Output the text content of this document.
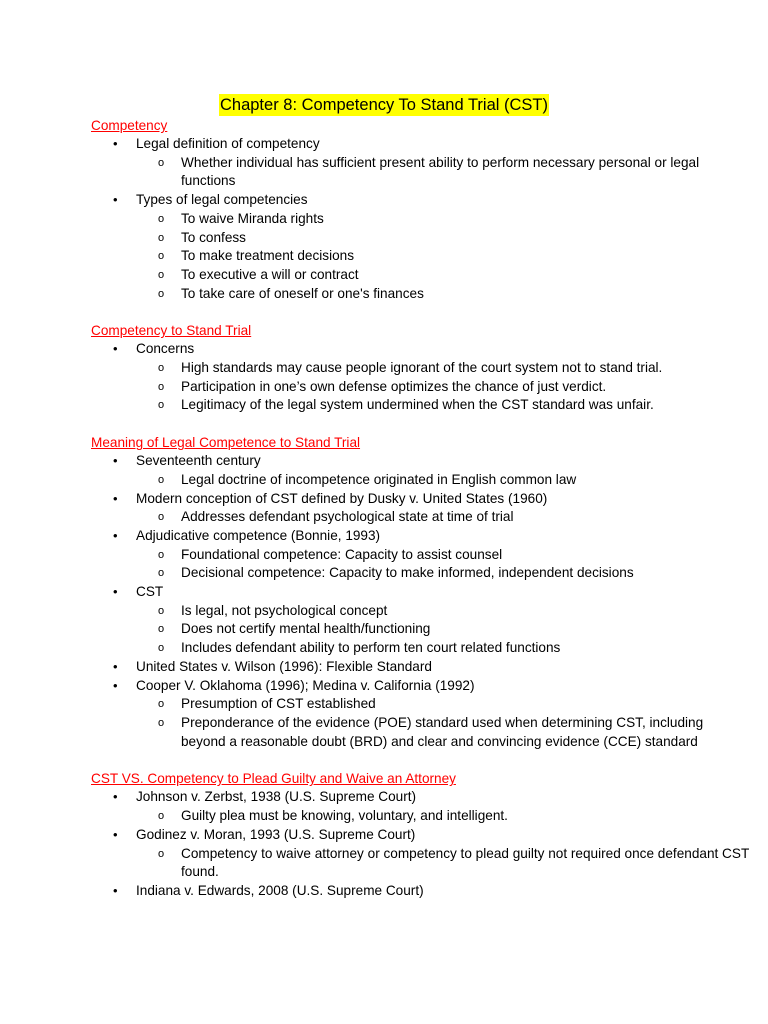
Chapter 8: Competency To Stand Trial (CST)
Competency
• Legal definition of competency
o Whether individual has sufficient present ability to perform necessary personal or legal functions
• Types of legal competencies
o To waive Miranda rights
o To confess
o To make treatment decisions
o To executive a will or contract
o To take care of oneself or one's finances
Competency to Stand Trial
• Concerns
o High standards may cause people ignorant of the court system not to stand trial.
o Participation in one’s own defense optimizes the chance of just verdict.
o Legitimacy of the legal system undermined when the CST standard was unfair.
Meaning of Legal Competence to Stand Trial
• Seventeenth century
o Legal doctrine of incompetence originated in English common law
• Modern conception of CST defined by Dusky v. United States (1960)
o Addresses defendant psychological state at time of trial
• Adjudicative competence (Bonnie, 1993)
o Foundational competence: Capacity to assist counsel
o Decisional competence: Capacity to make informed, independent decisions
• CST
o Is legal, not psychological concept
o Does not certify mental health/functioning
o Includes defendant ability to perform ten court related functions
• United States v. Wilson (1996): Flexible Standard
• Cooper V. Oklahoma (1996); Medina v. California (1992)
o Presumption of CST established
o Preponderance of the evidence (POE) standard used when determining CST, including beyond a reasonable doubt (BRD) and clear and convincing evidence (CCE) standard
CST VS. Competency to Plead Guilty and Waive an Attorney
• Johnson v. Zerbst, 1938 (U.S. Supreme Court)
o Guilty plea must be knowing, voluntary, and intelligent.
• Godinez v. Moran, 1993 (U.S. Supreme Court)
o Competency to waive attorney or competency to plead guilty not required once defendant CST found.
• Indiana v. Edwards, 2008 (U.S. Supreme Court)
